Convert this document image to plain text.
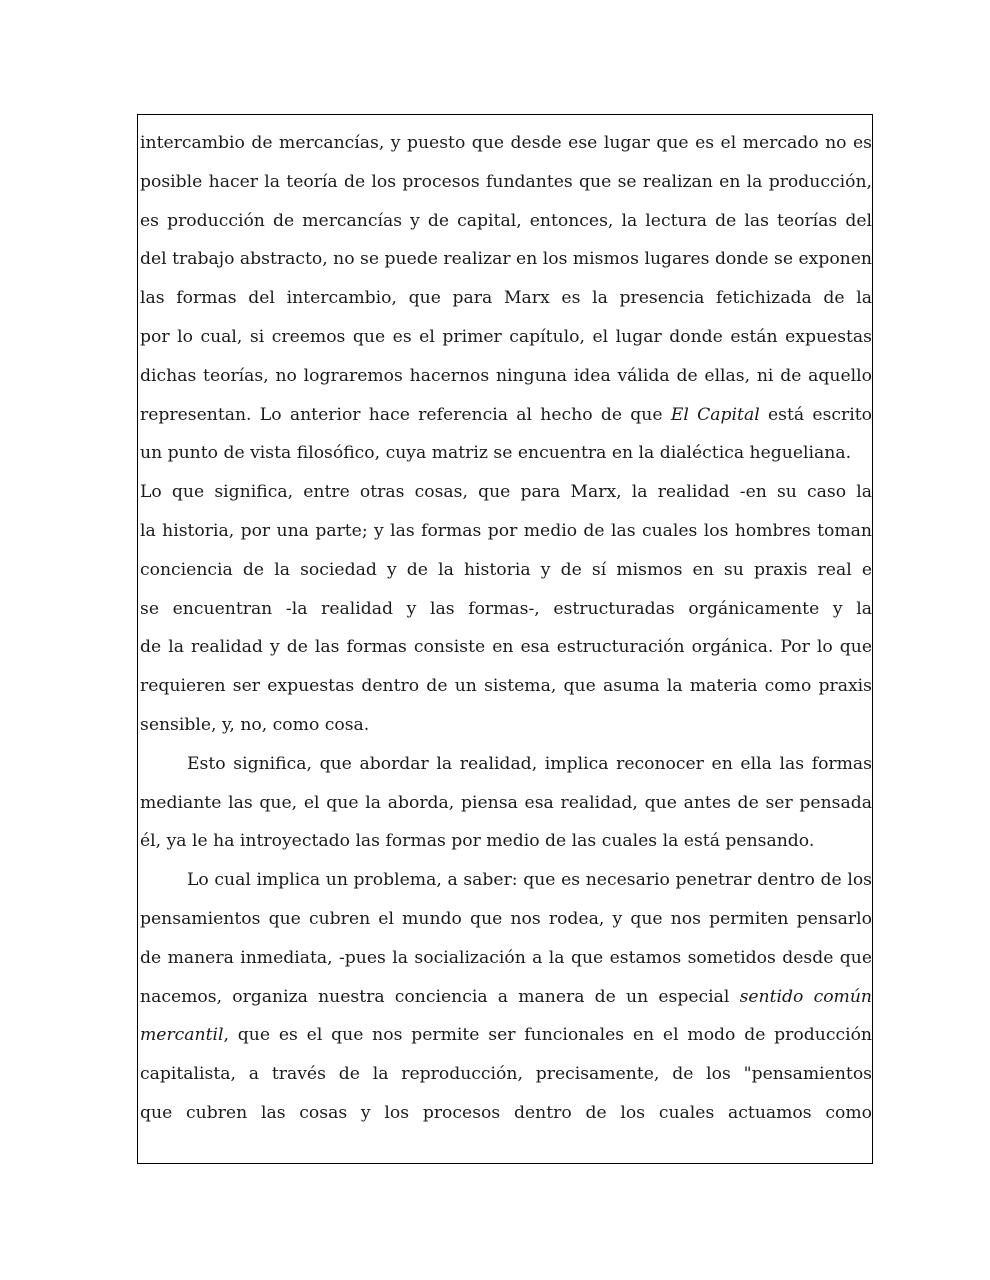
intercambio de mercancías, y puesto que desde ese lugar que es el mercado no es
posible hacer la teoría de los procesos fundantes que se realizan en la producción,
es producción de mercancías y de capital, entonces, la lectura de las teorías del
del trabajo abstracto, no se puede realizar en los mismos lugares donde se exponen
las formas del intercambio, que para Marx es la presencia fetichizada de la
por lo cual, si creemos que es el primer capítulo, el lugar donde están expuestas
dichas teorías, no lograremos hacernos ninguna idea válida de ellas, ni de aquello
representan. Lo anterior hace referencia al hecho de que El Capital está escrito
un punto de vista filosófico, cuya matriz se encuentra en la dialéctica hegueliana.
Lo que significa, entre otras cosas, que para Marx, la realidad -en su caso la
la historia, por una parte; y las formas por medio de las cuales los hombres toman
conciencia de la sociedad y de la historia y de sí mismos en su praxis real e
se encuentran -la realidad y las formas-, estructuradas orgánicamente y la
de la realidad y de las formas consiste en esa estructuración orgánica. Por lo que
requieren ser expuestas dentro de un sistema, que asuma la materia como praxis
sensible, y, no, como cosa.
Esto significa, que abordar la realidad, implica reconocer en ella las formas
mediante las que, el que la aborda, piensa esa realidad, que antes de ser pensada
él, ya le ha introyectado las formas por medio de las cuales la está pensando.
Lo cual implica un problema, a saber: que es necesario penetrar dentro de los
pensamientos que cubren el mundo que nos rodea, y que nos permiten pensarlo
de manera inmediata, -pues la socialización a la que estamos sometidos desde que
nacemos, organiza nuestra conciencia a manera de un especial sentido común
mercantil, que es el que nos permite ser funcionales en el modo de producción
capitalista, a través de la reproducción, precisamente, de los "pensamientos
que cubren las cosas y los procesos dentro de los cuales actuamos como
